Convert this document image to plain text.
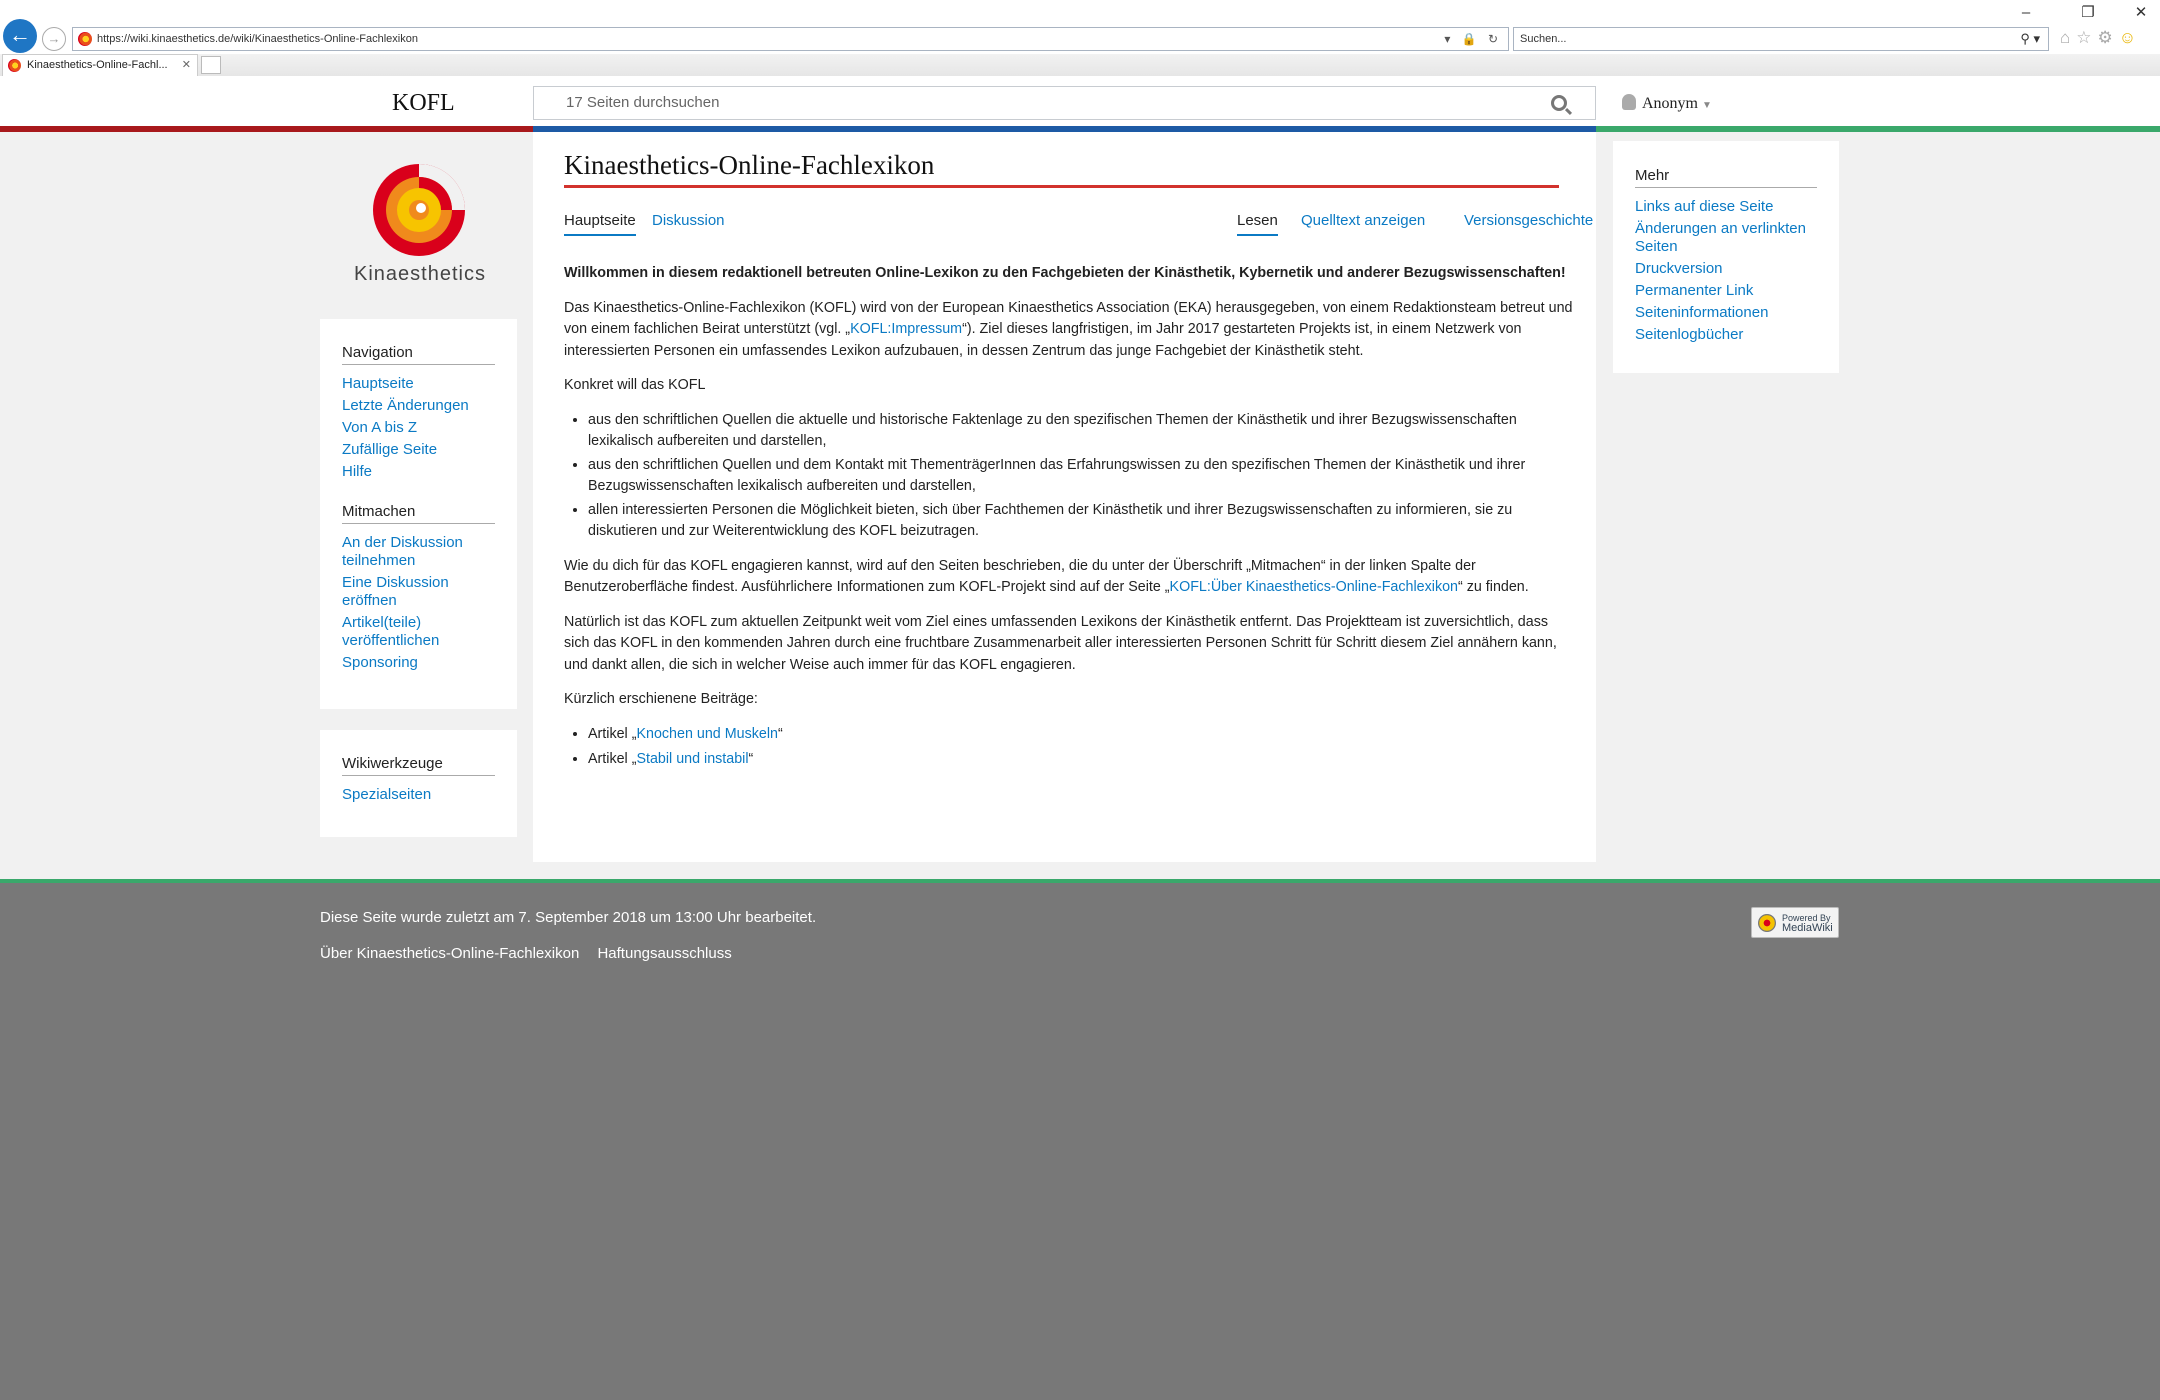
–	❐	✕
←	→	https://wiki.kinaesthetics.de/wiki/Kinaesthetics-Online-Fachlexikon	▾ 🔒 ↻	Suchen...	⚲ ▾ ⌂☆⚙☺
Kinaesthetics-Online-Fachl... ✕
KOFL	17 Seiten durchsuchen	Anonym ▼
Kinaesthetics
Navigation
Hauptseite
Letzte Änderungen
Von A bis Z
Zufällige Seite
Hilfe
Mitmachen
An der Diskussion teilnehmen
Eine Diskussion eröffnen
Artikel(teile) veröffentlichen
Sponsoring
Wikiwerkzeuge
Spezialseiten
Kinaesthetics-Online-Fachlexikon
Hauptseite Diskussion	Lesen Quelltext anzeigen	Versionsgeschichte

Willkommen in diesem redaktionell betreuten Online-Lexikon zu den Fachgebieten der Kinästhetik, Kybernetik und anderer Bezugswissenschaften!

Das Kinaesthetics-Online-Fachlexikon (KOFL) wird von der European Kinaesthetics Association (EKA) herausgegeben, von einem Redaktionsteam betreut und von einem fachlichen Beirat unterstützt (vgl. „KOFL:Impressum“). Ziel dieses langfristigen, im Jahr 2017 gestarteten Projekts ist, in einem Netzwerk von interessierten Personen ein umfassendes Lexikon aufzubauen, in dessen Zentrum das junge Fachgebiet der Kinästhetik steht.

Konkret will das KOFL

• aus den schriftlichen Quellen die aktuelle und historische Faktenlage zu den spezifischen Themen der Kinästhetik und ihrer Bezugswissenschaften lexikalisch aufbereiten und darstellen,
• aus den schriftlichen Quellen und dem Kontakt mit ThementrägerInnen das Erfahrungswissen zu den spezifischen Themen der Kinästhetik und ihrer Bezugswissenschaften lexikalisch aufbereiten und darstellen,
• allen interessierten Personen die Möglichkeit bieten, sich über Fachthemen der Kinästhetik und ihrer Bezugswissenschaften zu informieren, sie zu diskutieren und zur Weiterentwicklung des KOFL beizutragen.

Wie du dich für das KOFL engagieren kannst, wird auf den Seiten beschrieben, die du unter der Überschrift „Mitmachen“ in der linken Spalte der Benutzeroberfläche findest. Ausführlichere Informationen zum KOFL-Projekt sind auf der Seite „KOFL:Über Kinaesthetics-Online-Fachlexikon“ zu finden.

Natürlich ist das KOFL zum aktuellen Zeitpunkt weit vom Ziel eines umfassenden Lexikons der Kinästhetik entfernt. Das Projektteam ist zuversichtlich, dass sich das KOFL in den kommenden Jahren durch eine fruchtbare Zusammenarbeit aller interessierten Personen Schritt für Schritt diesem Ziel annähern kann, und dankt allen, die sich in welcher Weise auch immer für das KOFL engagieren.

Kürzlich erschienene Beiträge:

• Artikel „Knochen und Muskeln“
• Artikel „Stabil und instabil“
Mehr
Links auf diese Seite
Änderungen an verlinkten Seiten
Druckversion
Permanenter Link
Seiteninformationen
Seitenlogbücher
Diese Seite wurde zuletzt am 7. September 2018 um 13:00 Uhr bearbeitet.
Über Kinaesthetics-Online-Fachlexikon Haftungsausschluss
Powered By
MediaWiki
